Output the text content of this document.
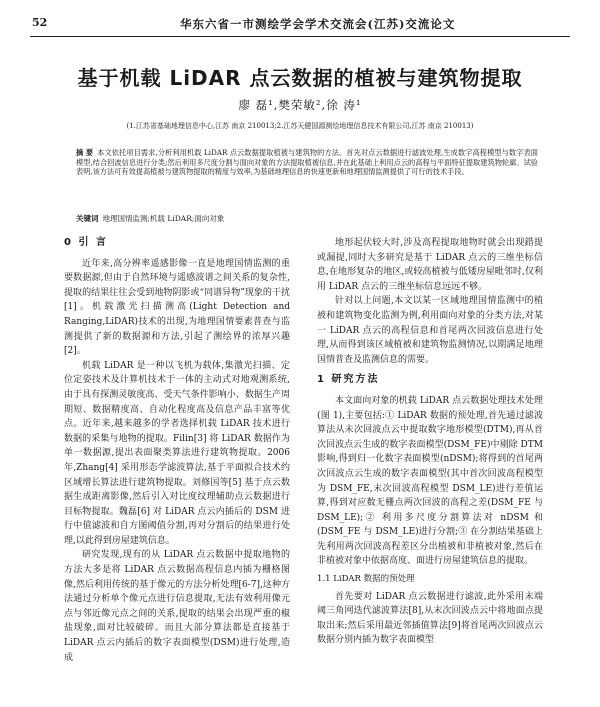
52	华东六省一市测绘学会学术交流会(江苏)交流论文
基于机载 LiDAR 点云数据的植被与建筑物提取
廖 磊¹,樊荣敏²,徐 涛¹
(1.江苏省基础地理信息中心,江苏 南京 210013;2.江苏天健国源测绘地理信息技术有限公司,江苏 南京 210013)
摘 要 本文依托项目需求,分析利用机载 LiDAR 点云数据提取植被与建筑物的方法。首先对点云数据进行滤波处理,生成数字高程模型与数字表面模型,结合回波信息进行分类;然后利用多尺度分割与面向对象的方法提取植被信息,并在此基础上利用点云的高程与平面特征提取建筑物轮廓。试验表明,该方法可有效提高植被与建筑物提取的精度与效率,为基础地理信息的快速更新和地理国情监测提供了可行的技术手段。
关键词 地理国情监测;机载 LiDAR;面向对象
0 引 言

近年来,高分辨率遥感影像一直是地理国情监测的重要数据源,但由于自然环境与遥感波谱之间关系的复杂性,提取的结果往往会受到地物阴影或“同谱异物”现象的干扰[1]。机载激光扫描测高(Light Detection and Ranging,LiDAR)技术的出现,为地理国情要素普查与监测提供了新的数据源和方法,引起了测绘界的浓厚兴趣[2]。

机载 LiDAR 是一种以飞机为载体,集激光扫描、定位定姿技术及计算机技术于一体的主动式对地观测系统,由于具有探测灵敏度高、受天气条件影响小、数据生产周期短、数据精度高、自动化程度高及信息产品丰富等优点。近年来,越来越多的学者选择机载 LiDAR 技术进行数据的采集与地物的提取。Filin[3] 将 LiDAR 数据作为单一数据源,提出表面聚类算法进行建筑物提取。2006 年,Zhang[4] 采用形态学滤波算法,基于平面拟合技术约区域增长算法进行建筑物提取。刘修国等[5] 基于点云数据生成距离影像,然后引入对比度纹理辅助点云数据进行目标物提取。魏磊[6] 对 LiDAR 点云内插后的 DSM 进行中值滤波和自方图阈值分割,再对分割后的结果进行处理,以此得到房屋建筑信息。

研究发现,现有的从 LiDAR 点云数据中提取地物的方法大多是将 LiDAR 点云数据高程信息内插为栅格图像,然后利用传统的基于像元的方法分析处理[6-7],这种方法通过分析单个像元点进行信息提取,无法有效利用像元点与邻近像元点之间的关系,提取的结果会出现严重的椒盐现象,面对比较破碎。而且大部分算法都是直接基于 LiDAR 点云内插后的数字表面模型(DSM)进行处理,造成

地形起伏较大时,涉及高程提取地物时就会出现錯提或漏提,同时大多研究是基于 LiDAR 点云的三维坐标信息,在地形复杂的地区,或较高植被与低矮房屋毗邻时,仅利用 LiDAR 点云的三维坐标信息远远不够。

针对以上问题,本文以某一区域地理国情监测中的植被和建筑物变化监测为例,利用面向对象的分类方法,对某一 LiDAR 点云的高程信息和首尾两次回波信息进行处理,从而得到该区域植被和建筑物监测情况,以期满足地理国情普查及监测信息的需要。

1 研究方法

本文面向对象的机载 LiDAR 点云数据处理技术处理(图 1),主要包括:① LiDAR 数据的预处理,首先通过滤波算法从未次回波点云中提取数字地形模型(DTM),再从首次回波点云生成的数字表面模型(DSM_FE)中剔除 DTM 影响,得到归一化数字表面模型(nDSM);将得到的首尾两次回波点云生成的数字表面模型(其中首次回波高程模型为 DSM_FE,末次回波高程模型 DSM_LE)进行差值运算,得到对应数无栅点两次回波的高程之差(DSM_FE 与 DSM_LE);② 利用多尺度分割算法对 nDSM 和(DSM_FE 与 DSM_LE)进行分割;③ 在分割结果基础上先利用两次回波高程差区分出植被和非植被对象,然后在非植被对象中依据高度、面进行房屋建筑信息的提取。

1.1 LiDAR 数据的预处理

首先要对 LiDAR 点云数据进行滤波,此外采用末端阈三角网迭代滤波算法[8],从末次回波点云中将地面点提取出来;然后采用最近邻插值算法[9]将首尾两次回波点云数据分别内插为数字表面模型
